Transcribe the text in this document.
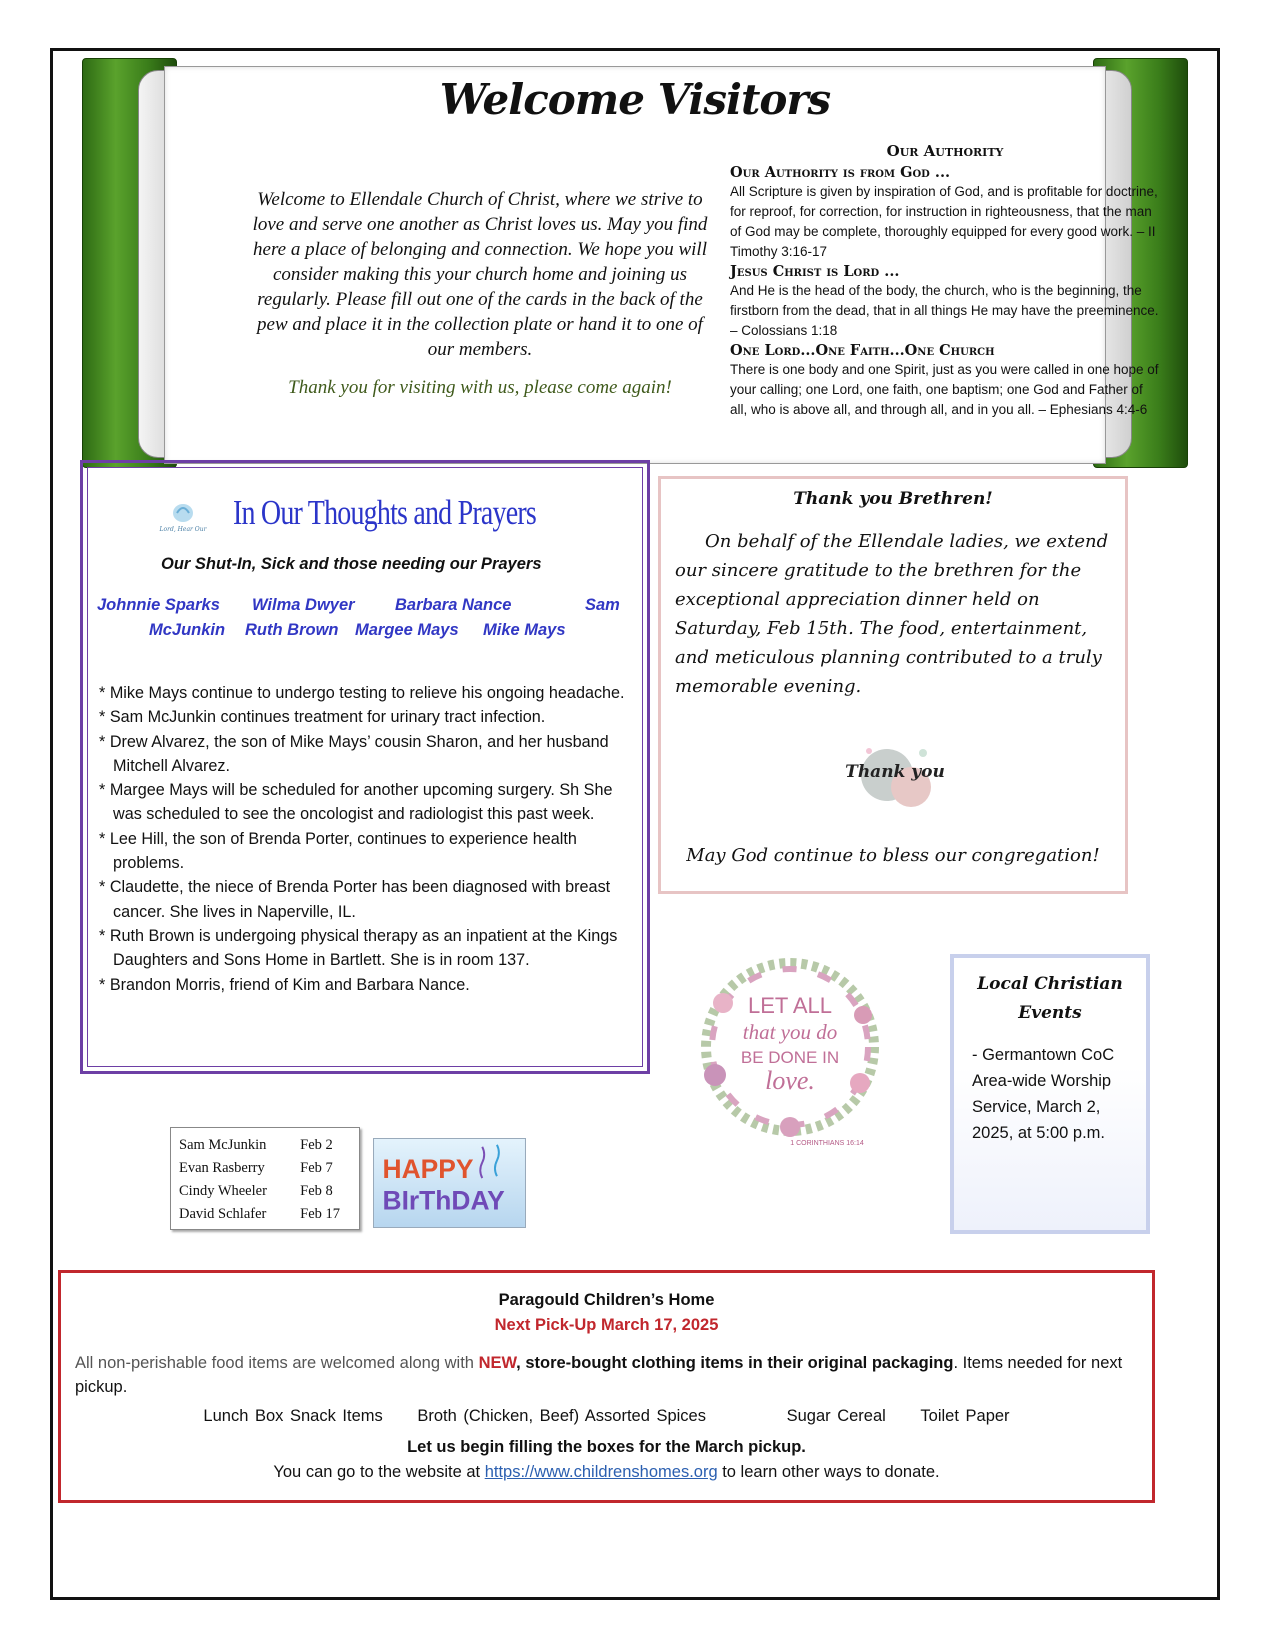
Welcome Visitors
Welcome to Ellendale Church of Christ, where we strive to love and serve one another as Christ loves us. May you find here a place of belonging and connection. We hope you will consider making this your church home and joining us regularly. Please fill out one of the cards in the back of the pew and place it in the collection plate or hand it to one of our members.
Thank you for visiting with us, please come again!
Our Authority
Our Authority is from God ...
All Scripture is given by inspiration of God, and is profitable for doctrine, for reproof, for correction, for instruction in righteousness, that the man of God may be complete, thoroughly equipped for every good work. – II Timothy 3:16-17
Jesus Christ is Lord ...
And He is the head of the body, the church, who is the beginning, the firstborn from the dead, that in all things He may have the preeminence. – Colossians 1:18
One Lord...One Faith...One Church
There is one body and one Spirit, just as you were called in one hope of your calling; one Lord, one faith, one baptism; one God and Father of all, who is above all, and through all, and in you all. – Ephesians 4:4-6
Lord, Hear Our In Our Thoughts and Prayers
Our Shut-In, Sick and those needing our Prayers
Johnnie Sparks Wilma Dwyer Barbara Nance	Sam
McJunkin Ruth Brown Margee Mays Mike Mays
* Mike Mays continue to undergo testing to relieve his ongoing headache.
* Sam McJunkin continues treatment for urinary tract infection.
* Drew Alvarez, the son of Mike Mays’ cousin Sharon, and her husband Mitchell Alvarez.
* Margee Mays will be scheduled for another upcoming surgery. Sh She was scheduled to see the oncologist and radiologist this past week.
* Lee Hill, the son of Brenda Porter, continues to experience health problems.
* Claudette, the niece of Brenda Porter has been diagnosed with breast cancer. She lives in Naperville, IL.
* Ruth Brown is undergoing physical therapy as an inpatient at the Kings Daughters and Sons Home in Bartlett. She is in room 137.
* Brandon Morris, friend of Kim and Barbara Nance.
Thank you Brethren!
On behalf of the Ellendale ladies, we extend our sincere gratitude to the brethren for the exceptional appreciation dinner held on Saturday, Feb 15th. The food, entertainment, and meticulous planning contributed to a truly memorable evening.
Thank you
May God continue to bless our congregation!
LET ALL
that you do
BE DONE IN
love.
1 CORINTHIANS 16:14
Local Christian Events
- Germantown CoC Area-wide Worship Service, March 2, 2025, at 5:00 p.m.
Sam McJunkin	Feb 2
Evan Rasberry	Feb 7
Cindy Wheeler	Feb 8
David Schlafer	Feb 17
HAPPY
BIrThDAY
Paragould Children’s Home
Next Pick-Up March 17, 2025
All non-perishable food items are welcomed along with NEW, store-bought clothing items in their original packaging. Items needed for next pickup.
Lunch Box Snack Items Broth (Chicken, Beef) Assorted Spices	Sugar Cereal Toilet Paper
Let us begin filling the boxes for the March pickup.
You can go to the website at https://www.childrenshomes.org to learn other ways to donate.
